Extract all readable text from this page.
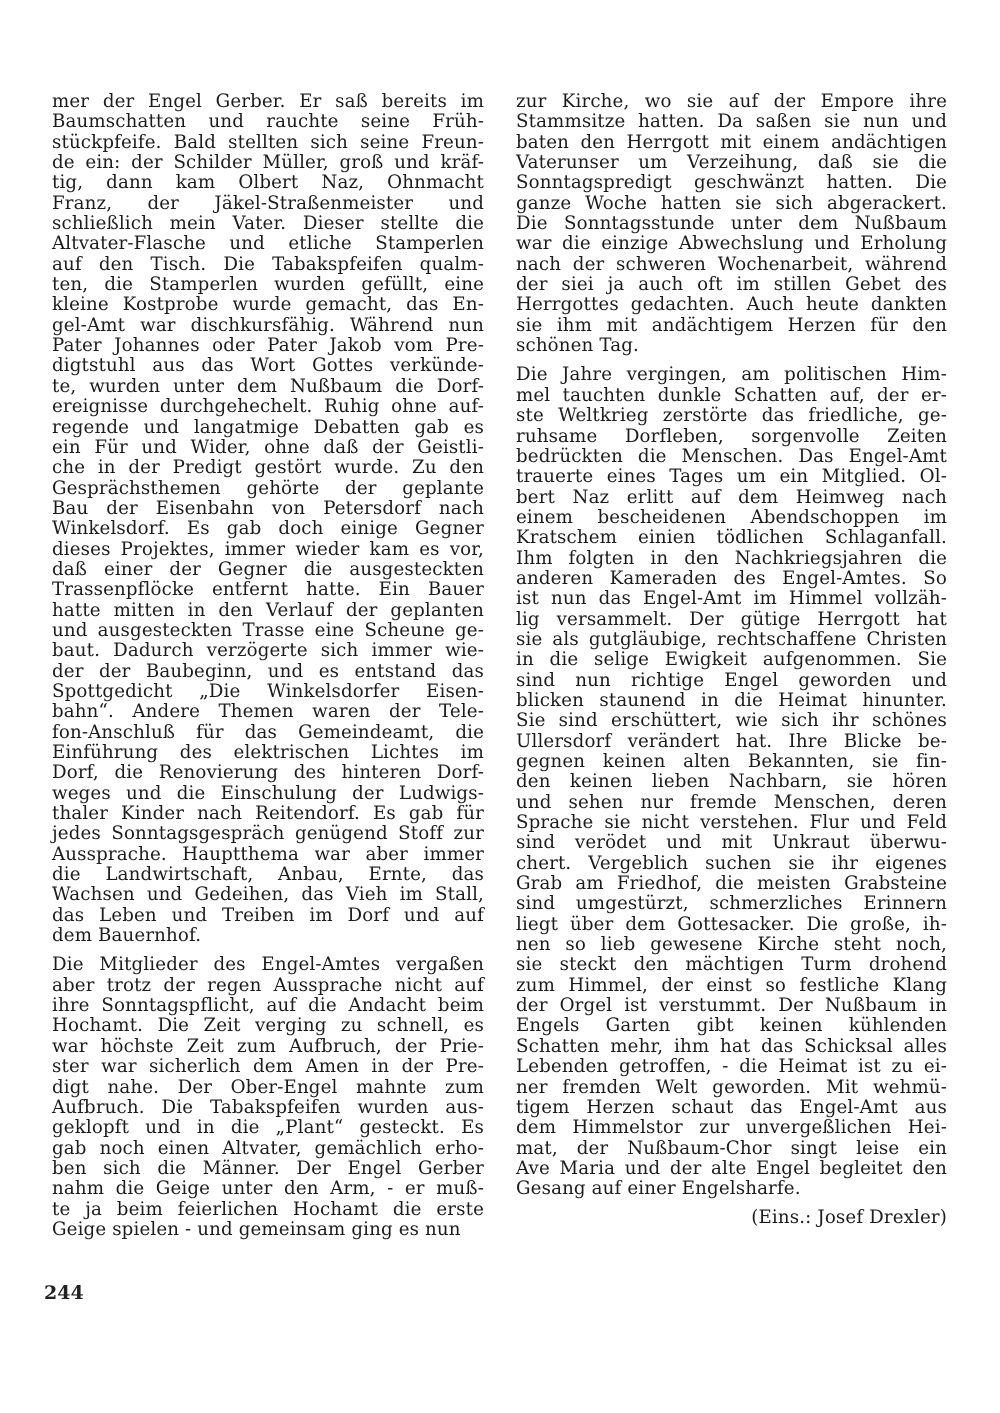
mer der Engel Gerber. Er saß bereits im
Baumschatten und rauchte seine Früh-
stückpfeife. Bald stellten sich seine Freun-
de ein: der Schilder Müller, groß und kräf-
tig, dann kam Olbert Naz, Ohnmacht
Franz, der Jäkel-Straßenmeister und
schließlich mein Vater. Dieser stellte die
Altvater-Flasche und etliche Stamperlen
auf den Tisch. Die Tabakspfeifen qualm-
ten, die Stamperlen wurden gefüllt, eine
kleine Kostprobe wurde gemacht, das En-
gel-Amt war dischkursfähig. Während nun
Pater Johannes oder Pater Jakob vom Pre-
digtstuhl aus das Wort Gottes verkünde-
te, wurden unter dem Nußbaum die Dorf-
ereignisse durchgehechelt. Ruhig ohne auf-
regende und langatmige Debatten gab es
ein Für und Wider, ohne daß der Geistli-
che in der Predigt gestört wurde. Zu den
Gesprächsthemen gehörte der geplante
Bau der Eisenbahn von Petersdorf nach
Winkelsdorf. Es gab doch einige Gegner
dieses Projektes, immer wieder kam es vor,
daß einer der Gegner die ausgesteckten
Trassenpflöcke entfernt hatte. Ein Bauer
hatte mitten in den Verlauf der geplanten
und ausgesteckten Trasse eine Scheune ge-
baut. Dadurch verzögerte sich immer wie-
der der Baubeginn, und es entstand das
Spottgedicht „Die Winkelsdorfer Eisen-
bahn“. Andere Themen waren der Tele-
fon-Anschluß für das Gemeindeamt, die
Einführung des elektrischen Lichtes im
Dorf, die Renovierung des hinteren Dorf-
weges und die Einschulung der Ludwigs-
thaler Kinder nach Reitendorf. Es gab für
jedes Sonntagsgespräch genügend Stoff zur
Aussprache. Hauptthema war aber immer
die Landwirtschaft, Anbau, Ernte, das
Wachsen und Gedeihen, das Vieh im Stall,
das Leben und Treiben im Dorf und auf
dem Bauernhof.
Die Mitglieder des Engel-Amtes vergaßen
aber trotz der regen Aussprache nicht auf
ihre Sonntagspflicht, auf die Andacht beim
Hochamt. Die Zeit verging zu schnell, es
war höchste Zeit zum Aufbruch, der Prie-
ster war sicherlich dem Amen in der Pre-
digt nahe. Der Ober-Engel mahnte zum
Aufbruch. Die Tabakspfeifen wurden aus-
geklopft und in die „Plant“ gesteckt. Es
gab noch einen Altvater, gemächlich erho-
ben sich die Männer. Der Engel Gerber
nahm die Geige unter den Arm, - er muß-
te ja beim feierlichen Hochamt die erste
Geige spielen - und gemeinsam ging es nun
zur Kirche, wo sie auf der Empore ihre
Stammsitze hatten. Da saßen sie nun und
baten den Herrgott mit einem andächtigen
Vaterunser um Verzeihung, daß sie die
Sonntagspredigt geschwänzt hatten. Die
ganze Woche hatten sie sich abgerackert.
Die Sonntagsstunde unter dem Nußbaum
war die einzige Abwechslung und Erholung
nach der schweren Wochenarbeit, während
der siei ja auch oft im stillen Gebet des
Herrgottes gedachten. Auch heute dankten
sie ihm mit andächtigem Herzen für den
schönen Tag.
Die Jahre vergingen, am politischen Him-
mel tauchten dunkle Schatten auf, der er-
ste Weltkrieg zerstörte das friedliche, ge-
ruhsame Dorfleben, sorgenvolle Zeiten
bedrückten die Menschen. Das Engel-Amt
trauerte eines Tages um ein Mitglied. Ol-
bert Naz erlitt auf dem Heimweg nach
einem bescheidenen Abendschoppen im
Kratschem einien tödlichen Schlaganfall.
Ihm folgten in den Nachkriegsjahren die
anderen Kameraden des Engel-Amtes. So
ist nun das Engel-Amt im Himmel vollzäh-
lig versammelt. Der gütige Herrgott hat
sie als gutgläubige, rechtschaffene Christen
in die selige Ewigkeit aufgenommen. Sie
sind nun richtige Engel geworden und
blicken staunend in die Heimat hinunter.
Sie sind erschüttert, wie sich ihr schönes
Ullersdorf verändert hat. Ihre Blicke be-
gegnen keinen alten Bekannten, sie fin-
den keinen lieben Nachbarn, sie hören
und sehen nur fremde Menschen, deren
Sprache sie nicht verstehen. Flur und Feld
sind verödet und mit Unkraut überwu-
chert. Vergeblich suchen sie ihr eigenes
Grab am Friedhof, die meisten Grabsteine
sind umgestürzt, schmerzliches Erinnern
liegt über dem Gottesacker. Die große, ih-
nen so lieb gewesene Kirche steht noch,
sie steckt den mächtigen Turm drohend
zum Himmel, der einst so festliche Klang
der Orgel ist verstummt. Der Nußbaum in
Engels Garten gibt keinen kühlenden
Schatten mehr, ihm hat das Schicksal alles
Lebenden getroffen, - die Heimat ist zu ei-
ner fremden Welt geworden. Mit wehmü-
tigem Herzen schaut das Engel-Amt aus
dem Himmelstor zur unvergeßlichen Hei-
mat, der Nußbaum-Chor singt leise ein
Ave Maria und der alte Engel begleitet den
Gesang auf einer Engelsharfe.
(Eins.: Josef Drexler)
244
